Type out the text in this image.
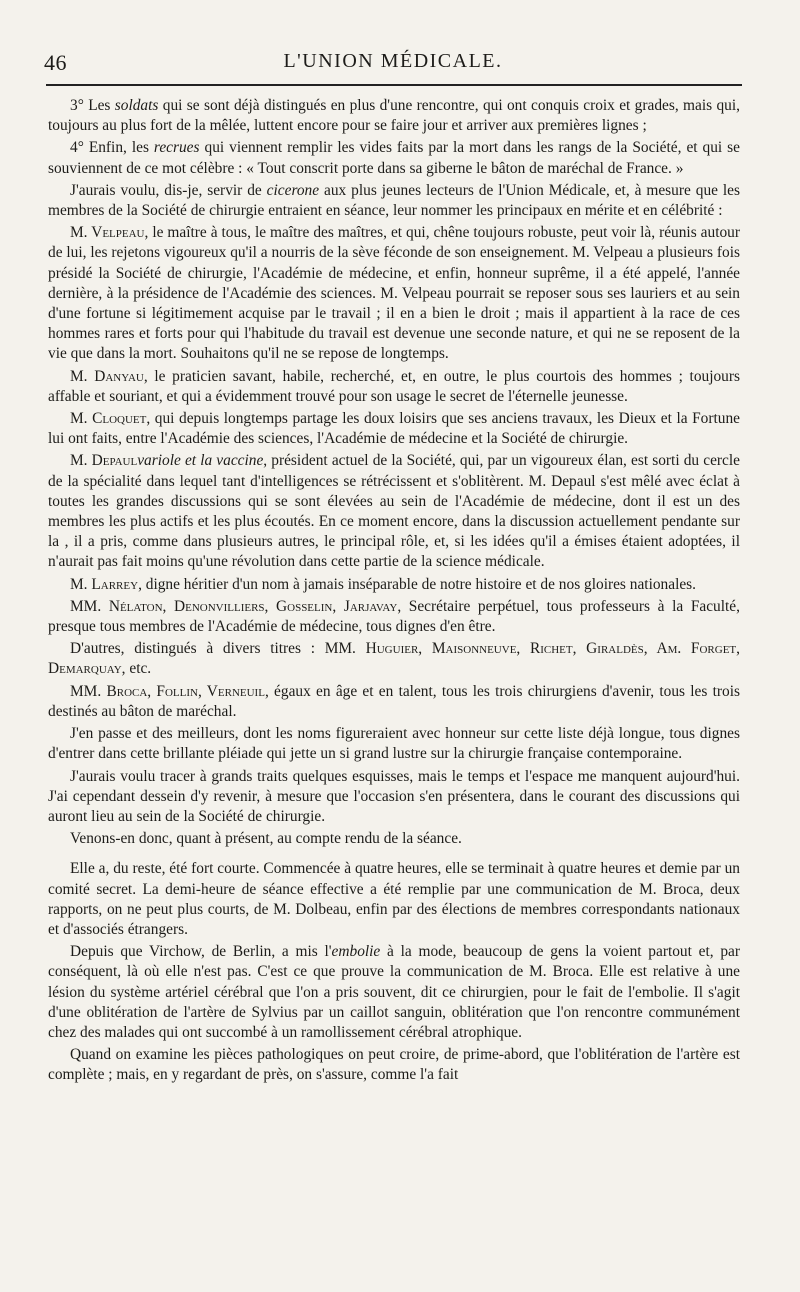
46	L'UNION MÉDICALE.

3° Les soldats qui se sont déjà distingués en plus d'une rencontre, qui ont conquis croix et grades, mais qui, toujours au plus fort de la mêlée, luttent encore pour se faire jour et arriver aux premières lignes ;

4° Enfin, les recrues qui viennent remplir les vides faits par la mort dans les rangs de la Société, et qui se souviennent de ce mot célèbre : « Tout conscrit porte dans sa giberne le bâton de maréchal de France. »

J'aurais voulu, dis-je, servir de cicerone aux plus jeunes lecteurs de l'Union Médicale, et, à mesure que les membres de la Société de chirurgie entraient en séance, leur nommer les principaux en mérite et en célébrité :

M. Velpeau, le maître à tous, le maître des maîtres, et qui, chêne toujours robuste, peut voir là, réunis autour de lui, les rejetons vigoureux qu'il a nourris de la sève féconde de son enseignement. M. Velpeau a plusieurs fois présidé la Société de chirurgie, l'Académie de médecine, et enfin, honneur suprême, il a été appelé, l'année dernière, à la présidence de l'Académie des sciences. M. Velpeau pourrait se reposer sous ses lauriers et au sein d'une fortune si légitimement acquise par le travail ; il en a bien le droit ; mais il appartient à la race de ces hommes rares et forts pour qui l'habitude du travail est devenue une seconde nature, et qui ne se reposent de la vie que dans la mort. Souhaitons qu'il ne se repose de longtemps.

M. Danyau, le praticien savant, habile, recherché, et, en outre, le plus courtois des hommes ; toujours affable et souriant, et qui a évidemment trouvé pour son usage le secret de l'éternelle jeunesse.

M. Cloquet, qui depuis longtemps partage les doux loisirs que ses anciens travaux, les Dieux et la Fortune lui ont faits, entre l'Académie des sciences, l'Académie de médecine et la Société de chirurgie.

M. Depaulvariole et la vaccine, président actuel de la Société, qui, par un vigoureux élan, est sorti du cercle de la spécialité dans lequel tant d'intelligences se rétrécissent et s'oblitèrent. M. Depaul s'est mêlé avec éclat à toutes les grandes discussions qui se sont élevées au sein de l'Académie de médecine, dont il est un des membres les plus actifs et les plus écoutés. En ce moment encore, dans la discussion actuellement pendante sur la , il a pris, comme dans plusieurs autres, le principal rôle, et, si les idées qu'il a émises étaient adoptées, il n'aurait pas fait moins qu'une révolution dans cette partie de la science médicale.

M. Larrey, digne héritier d'un nom à jamais inséparable de notre histoire et de nos gloires nationales.

MM. Nélaton, Denonvilliers, Gosselin, Jarjavay, Secrétaire perpétuel, tous professeurs à la Faculté, presque tous membres de l'Académie de médecine, tous dignes d'en être.

D'autres, distingués à divers titres : MM. Huguier, Maisonneuve, Richet, Giraldès, Am. Forget, Demarquay, etc.

MM. Broca, Follin, Verneuil, égaux en âge et en talent, tous les trois chirurgiens d'avenir, tous les trois destinés au bâton de maréchal.

J'en passe et des meilleurs, dont les noms figureraient avec honneur sur cette liste déjà longue, tous dignes d'entrer dans cette brillante pléiade qui jette un si grand lustre sur la chirurgie française contemporaine.

J'aurais voulu tracer à grands traits quelques esquisses, mais le temps et l'espace me manquent aujourd'hui. J'ai cependant dessein d'y revenir, à mesure que l'occasion s'en présentera, dans le courant des discussions qui auront lieu au sein de la Société de chirurgie.

Venons-en donc, quant à présent, au compte rendu de la séance.

Elle a, du reste, été fort courte. Commencée à quatre heures, elle se terminait à quatre heures et demie par un comité secret. La demi-heure de séance effective a été remplie par une communication de M. Broca, deux rapports, on ne peut plus courts, de M. Dolbeau, enfin par des élections de membres correspondants nationaux et d'associés étrangers.

Depuis que Virchow, de Berlin, a mis l'embolie à la mode, beaucoup de gens la voient partout et, par conséquent, là où elle n'est pas. C'est ce que prouve la communication de M. Broca. Elle est relative à une lésion du système artériel cérébral que l'on a pris souvent, dit ce chirurgien, pour le fait de l'embolie. Il s'agit d'une oblitération de l'artère de Sylvius par un caillot sanguin, oblitération que l'on rencontre communément chez des malades qui ont succombé à un ramollissement cérébral atrophique.

Quand on examine les pièces pathologiques on peut croire, de prime-abord, que l'oblitération de l'artère est complète ; mais, en y regardant de près, on s'assure, comme l'a fait
